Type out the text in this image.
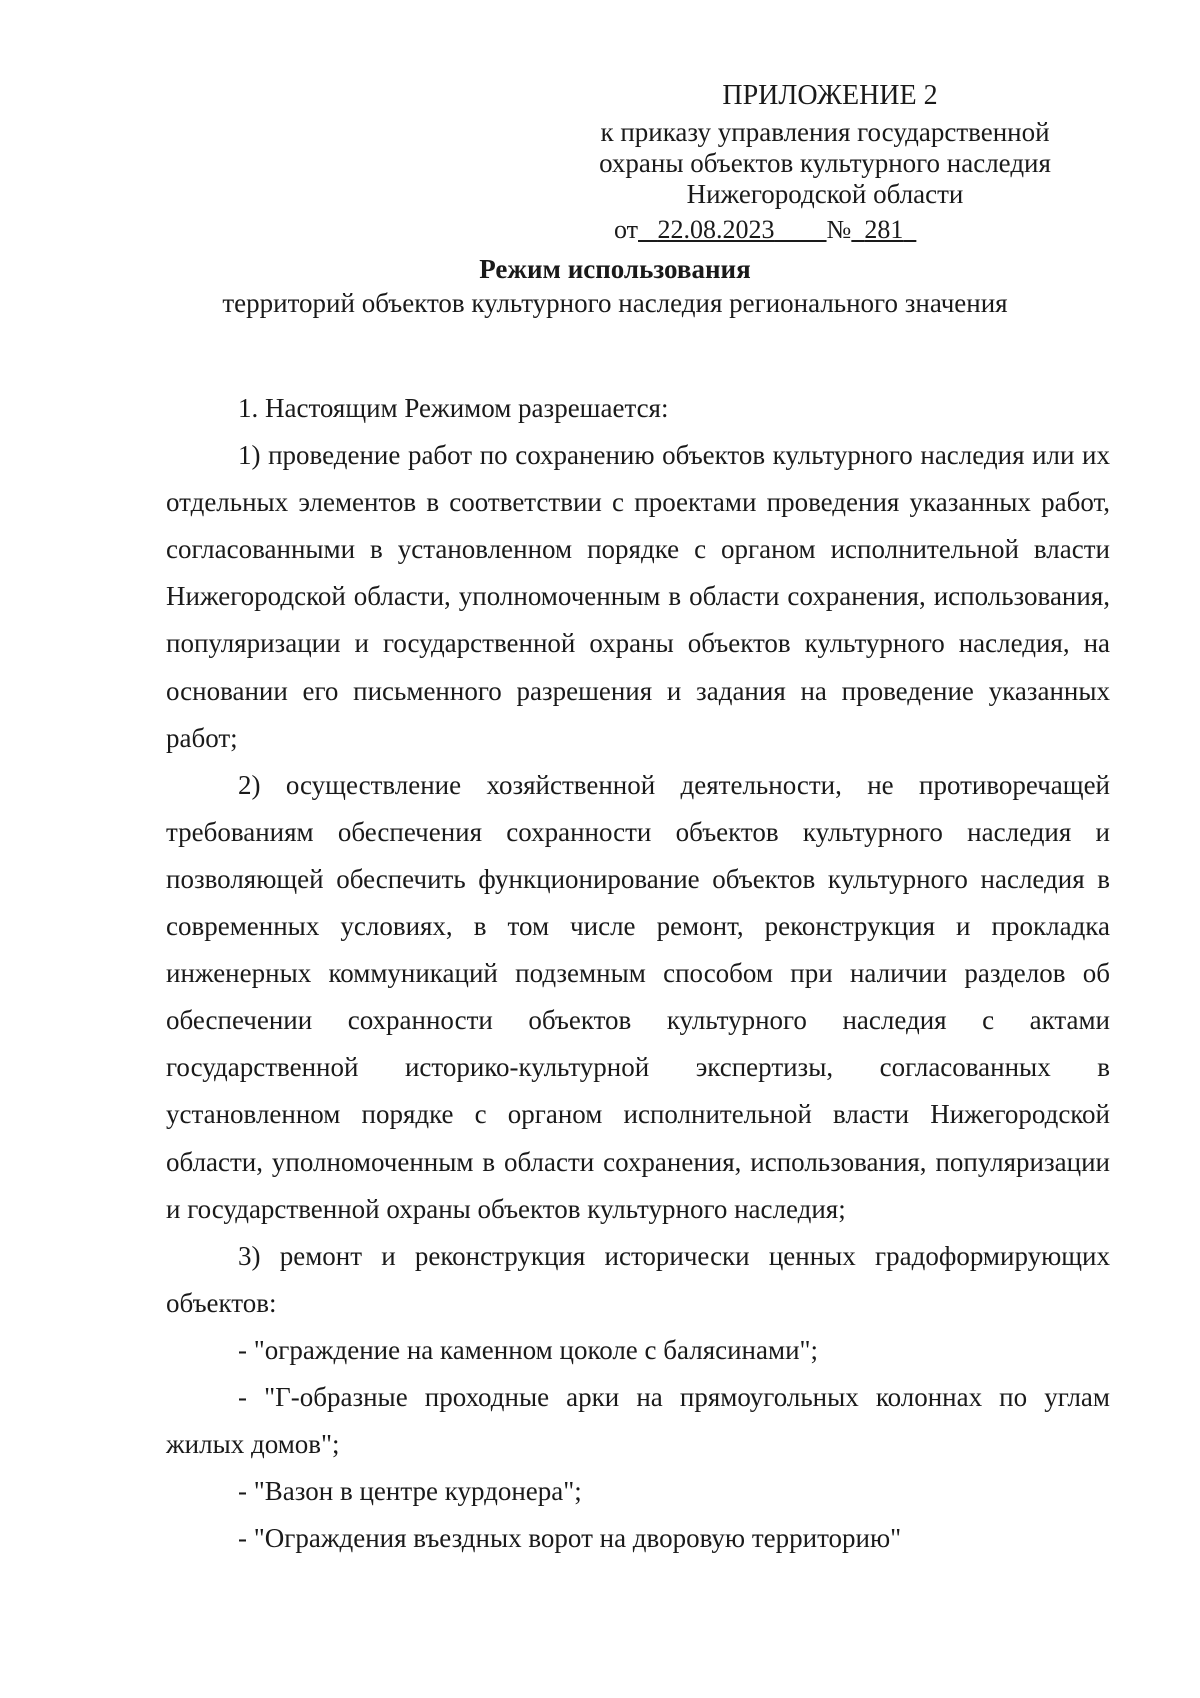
ПРИЛОЖЕНИЕ 2
к приказу управления государственной
охраны объектов культурного наследия
Нижегородской области
от 22.08.2023 № 281
Режим использования
территорий объектов культурного наследия регионального значения

1. Настоящим Режимом разрешается:

1) проведение работ по сохранению объектов культурного наследия или их отдельных элементов в соответствии с проектами проведения указанных работ, согласованными в установленном порядке с органом исполнительной власти Нижегородской области, уполномоченным в области сохранения, использования, популяризации и государственной охраны объектов культурного наследия, на основании его письменного разрешения и задания на проведение указанных работ;

2) осуществление хозяйственной деятельности, не противоречащей требованиям обеспечения сохранности объектов культурного наследия и позволяющей обеспечить функционирование объектов культурного наследия в современных условиях, в том числе ремонт, реконструкция и прокладка инженерных коммуникаций подземным способом при наличии разделов об обеспечении сохранности объектов культурного наследия с актами государственной историко-культурной экспертизы, согласованных в установленном порядке с органом исполнительной власти Нижегородской области, уполномоченным в области сохранения, использования, популяризации и государственной охраны объектов культурного наследия;

3) ремонт и реконструкция исторически ценных градоформирующих объектов:

- "ограждение на каменном цоколе с балясинами";

- "Г-образные проходные арки на прямоугольных колоннах по углам жилых домов";

- "Вазон в центре курдонера";

- "Ограждения въездных ворот на дворовую территорию"
